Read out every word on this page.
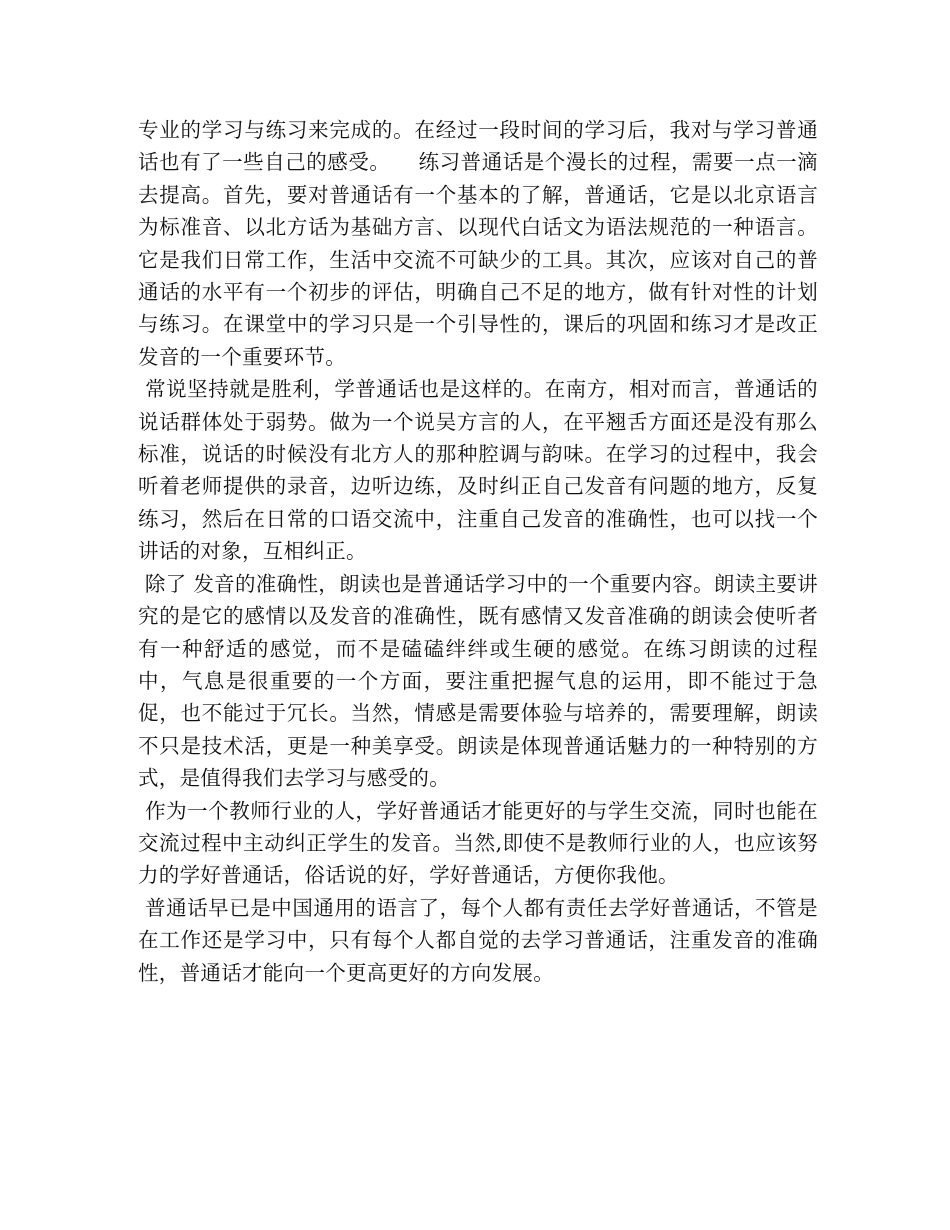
专业的学习与练习来完成的。在经过一段时间的学习后，我对与学习普通话也有了一些自己的感受。    练习普通话是个漫长的过程，需要一点一滴去提高。首先，要对普通话有一个基本的了解，普通话，它是以北京语言为标准音、以北方话为基础方言、以现代白话文为语法规范的一种语言。它是我们日常工作，生活中交流不可缺少的工具。其次，应该对自己的普通话的水平有一个初步的评估，明确自己不足的地方，做有针对性的计划与练习。在课堂中的学习只是一个引导性的，课后的巩固和练习才是改正发音的一个重要环节。

常说坚持就是胜利，学普通话也是这样的。在南方，相对而言，普通话的说话群体处于弱势。做为一个说吴方言的人，在平翘舌方面还是没有那么标准，说话的时候没有北方人的那种腔调与韵味。在学习的过程中，我会听着老师提供的录音，边听边练，及时纠正自己发音有问题的地方，反复练习，然后在日常的口语交流中，注重自己发音的准确性，也可以找一个讲话的对象，互相纠正。

除了 发音的准确性，朗读也是普通话学习中的一个重要内容。朗读主要讲究的是它的感情以及发音的准确性，既有感情又发音准确的朗读会使听者有一种舒适的感觉，而不是磕磕绊绊或生硬的感觉。在练习朗读的过程中，气息是很重要的一个方面，要注重把握气息的运用，即不能过于急促，也不能过于冗长。当然，情感是需要体验与培养的，需要理解，朗读不只是技术活，更是一种美享受。朗读是体现普通话魅力的一种特别的方式，是值得我们去学习与感受的。

作为一个教师行业的人，学好普通话才能更好的与学生交流，同时也能在交流过程中主动纠正学生的发音。当然,即使不是教师行业的人，也应该努力的学好普通话，俗话说的好，学好普通话，方便你我他。

普通话早已是中国通用的语言了，每个人都有责任去学好普通话，不管是在工作还是学习中，只有每个人都自觉的去学习普通话，注重发音的准确性，普通话才能向一个更高更好的方向发展。
